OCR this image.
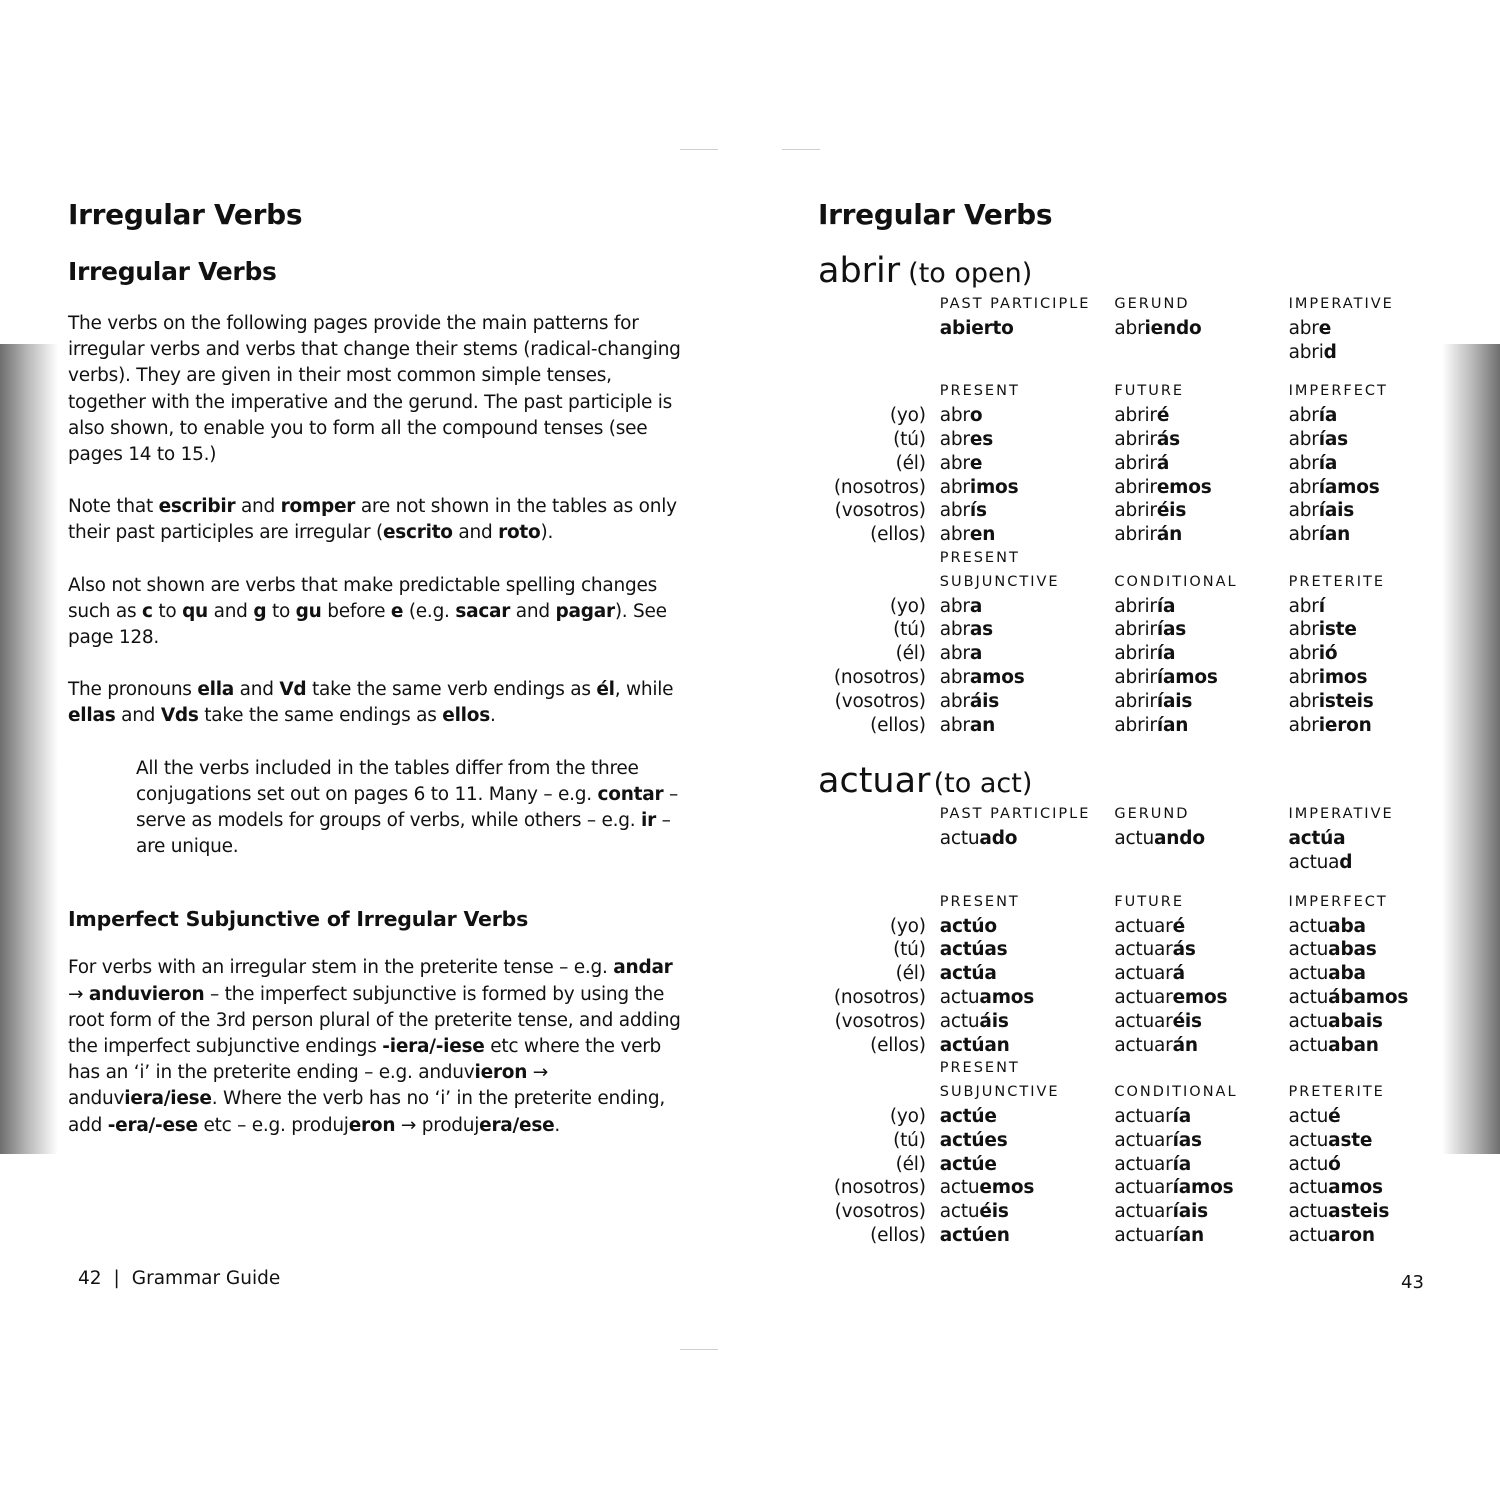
Irregular Verbs
Irregular Verbs

The verbs on the following pages provide the main patterns for irregular verbs and verbs that change their stems (radical-changing verbs). They are given in their most common simple tenses, together with the imperative and the gerund. The past participle is also shown, to enable you to form all the compound tenses (see pages 14 to 15.)

Note that escribir and romper are not shown in the tables as only their past participles are irregular (escrito and roto).

Also not shown are verbs that make predictable spelling changes such as c to qu and g to gu before e (e.g. sacar and pagar). See page 128.

The pronouns ella and Vd take the same verb endings as él, while ellas and Vds take the same endings as ellos.

All the verbs included in the tables differ from the three conjugations set out on pages 6 to 11. Many – e.g. contar – serve as models for groups of verbs, while others – e.g. ir – are unique.

Imperfect Subjunctive of Irregular Verbs

For verbs with an irregular stem in the preterite tense – e.g. andar → anduvieron – the imperfect subjunctive is formed by using the root form of the 3rd person plural of the preterite tense, and adding the imperfect subjunctive endings -iera/-iese etc where the verb has an ‘i’ in the preterite ending – e.g. anduvieron → anduviera/iese. Where the verb has no ‘i’ in the preterite ending, add -era/-ese etc – e.g. produjeron → produjera/ese.

42 | Grammar Guide
Irregular Verbs
abrir  (to open)
	PAST PARTICIPLE	GERUND	IMPERATIVE
	abierto	abriendo	abre
			abrid

	PRESENT	FUTURE	IMPERFECT
(yo)	abro	abriré	abría
(tú)	abres	abrirás	abrías
(él)	abre	abrirá	abría
(nosotros)	abrimos	abriremos	abríamos
(vosotros)	abrís	abriréis	abríais
(ellos)	abren	abrirán	abrían
	PRESENT		
	SUBJUNCTIVE	CONDITIONAL	PRETERITE
(yo)	abra	abriría	abrí
(tú)	abras	abrirías	abriste
(él)	abra	abriría	abrió
(nosotros)	abramos	abriríamos	abrimos
(vosotros)	abráis	abriríais	abristeis
(ellos)	abran	abrirían	abrieron
actuar  (to act)
	PAST PARTICIPLE	GERUND	IMPERATIVE
	actuado	actuando	actúa
			actuad

	PRESENT	FUTURE	IMPERFECT
(yo)	actúo	actuaré	actuaba
(tú)	actúas	actuarás	actuabas
(él)	actúa	actuará	actuaba
(nosotros)	actuamos	actuaremos	actuábamos
(vosotros)	actuáis	actuaréis	actuabais
(ellos)	actúan	actuarán	actuaban
	PRESENT		
	SUBJUNCTIVE	CONDITIONAL	PRETERITE
(yo)	actúe	actuaría	actué
(tú)	actúes	actuarías	actuaste
(él)	actúe	actuaría	actuó
(nosotros)	actuemos	actuaríamos	actuamos
(vosotros)	actuéis	actuaríais	actuasteis
(ellos)	actúen	actuarían	actuaron
43
